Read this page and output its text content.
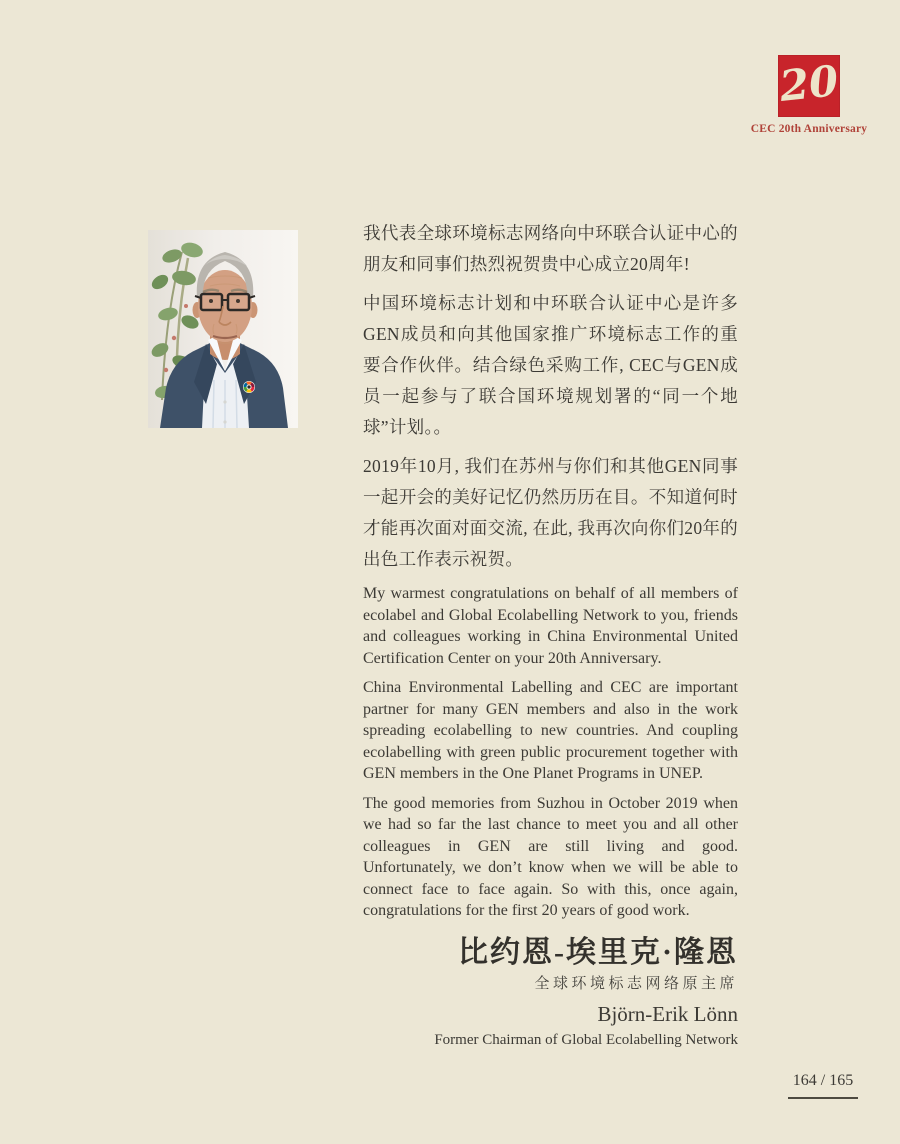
20
CEC 20th Anniversary

我代表全球环境标志网络向中环联合认证中心的朋友和同事们热烈祝贺贵中心成立20周年!

中国环境标志计划和中环联合认证中心是许多GEN成员和向其他国家推广环境标志工作的重要合作伙伴。结合绿色采购工作, CEC与GEN成员一起参与了联合国环境规划署的“同一个地球”计划。。

2019年10月, 我们在苏州与你们和其他GEN同事一起开会的美好记忆仍然历历在目。不知道何时才能再次面对面交流, 在此, 我再次向你们20年的出色工作表示祝贺。

My warmest congratulations on behalf of all members of ecolabel and Global Ecolabelling Network to you, friends and colleagues working in China Environmental United Certification Center on your 20th Anniversary.

China Environmental Labelling and CEC are important partner for many GEN members and also in the work spreading ecolabelling to new countries. And coupling ecolabelling with green public procurement together with GEN members in the One Planet Programs in UNEP.

The good memories from Suzhou in October 2019 when we had so far the last chance to meet you and all other colleagues in GEN are still living and good. Unfortunately, we don’t know when we will be able to connect face to face again. So with this, once again, congratulations for the first 20 years of good work.

比约恩-埃里克·隆恩
全球环境标志网络原主席
Björn-Erik Lönn
Former Chairman of Global Ecolabelling Network
164 / 165
